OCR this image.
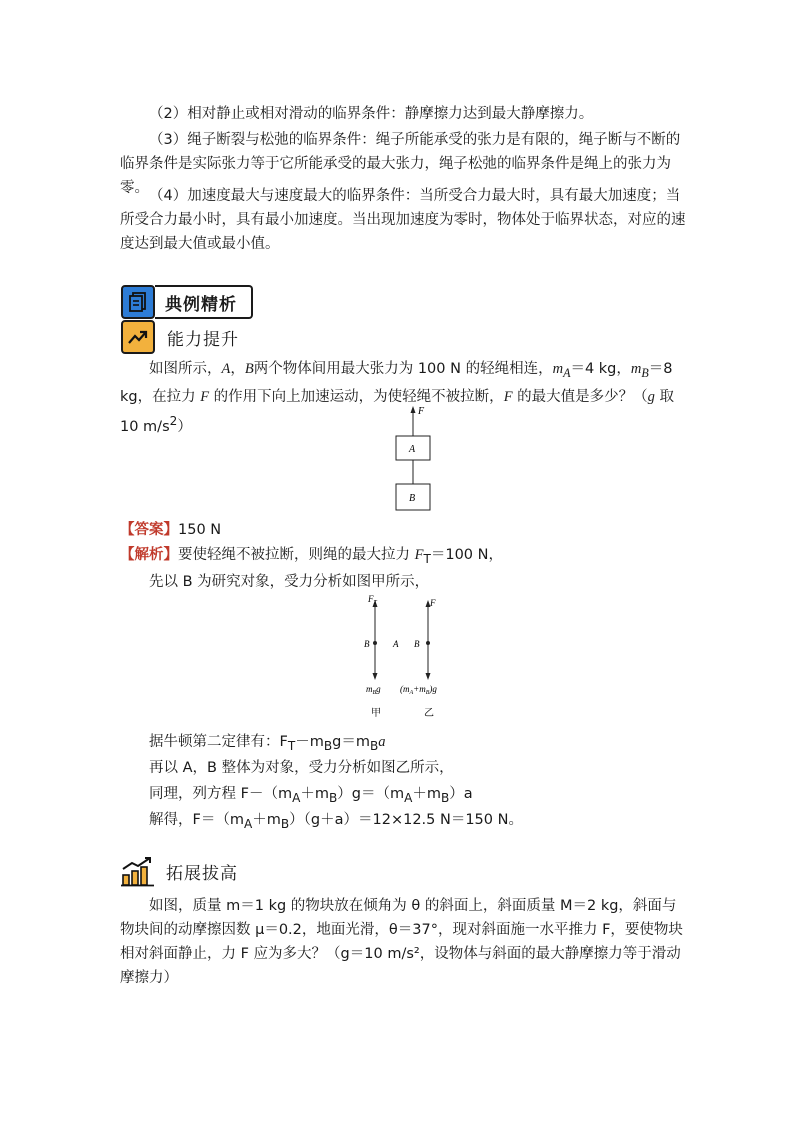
（2）相对静止或相对滑动的临界条件：静摩擦力达到最大静摩擦力。

（3）绳子断裂与松弛的临界条件：绳子所能承受的张力是有限的，绳子断与不断的临界条件是实际张力等于它所能承受的最大张力，绳子松弛的临界条件是绳上的张力为零。 （4）加速度最大与速度最大的临界条件：当所受合力最大时，具有最大加速度；当所受合力最小时，具有最小加速度。当出现加速度为零时，物体处于临界状态，对应的速度达到最大值或最小值。

典例精析
能力提升

如图所示，A，B两个物体间用最大张力为 100 N 的轻绳相连，$m_A=4$ kg，$m_B=8$ kg，在拉力 F 的作用下向上加速运动，为使轻绳不被拉断，F 的最大值是多少？（g 取 10 $m/s^2$）

F
A
B

【答案】150 N

【解析】要使轻绳不被拉断，则绳的最大拉力 $F_T=100$ N，

先以 B 为研究对象，受力分析如图甲所示，

$F_T$
B
$m_Bg$
甲
A
F
B
$(m_A+m_B)g$
乙

据牛顿第二定律有：$F_T-m_Bg=m_Ba$

再以 A，B 整体为对象，受力分析如图乙所示，

同理，列方程 $F-(m_A+m_B)g=(m_A+m_B)a$

解得，$F=(m_A+m_B)(g+a)=12\times 12.5$ N＝150 N。

拓展拔高

如图，质量 m＝1 kg 的物块放在倾角为 θ 的斜面上，斜面质量 M＝2 kg，斜面与物块间的动摩擦因数 μ＝0.2，地面光滑，θ＝37°，现对斜面施一水平推力 F，要使物块相对斜面静止，力 F 应为多大？（g＝10 m/s²，设物体与斜面的最大静摩擦力等于滑动摩擦力）
